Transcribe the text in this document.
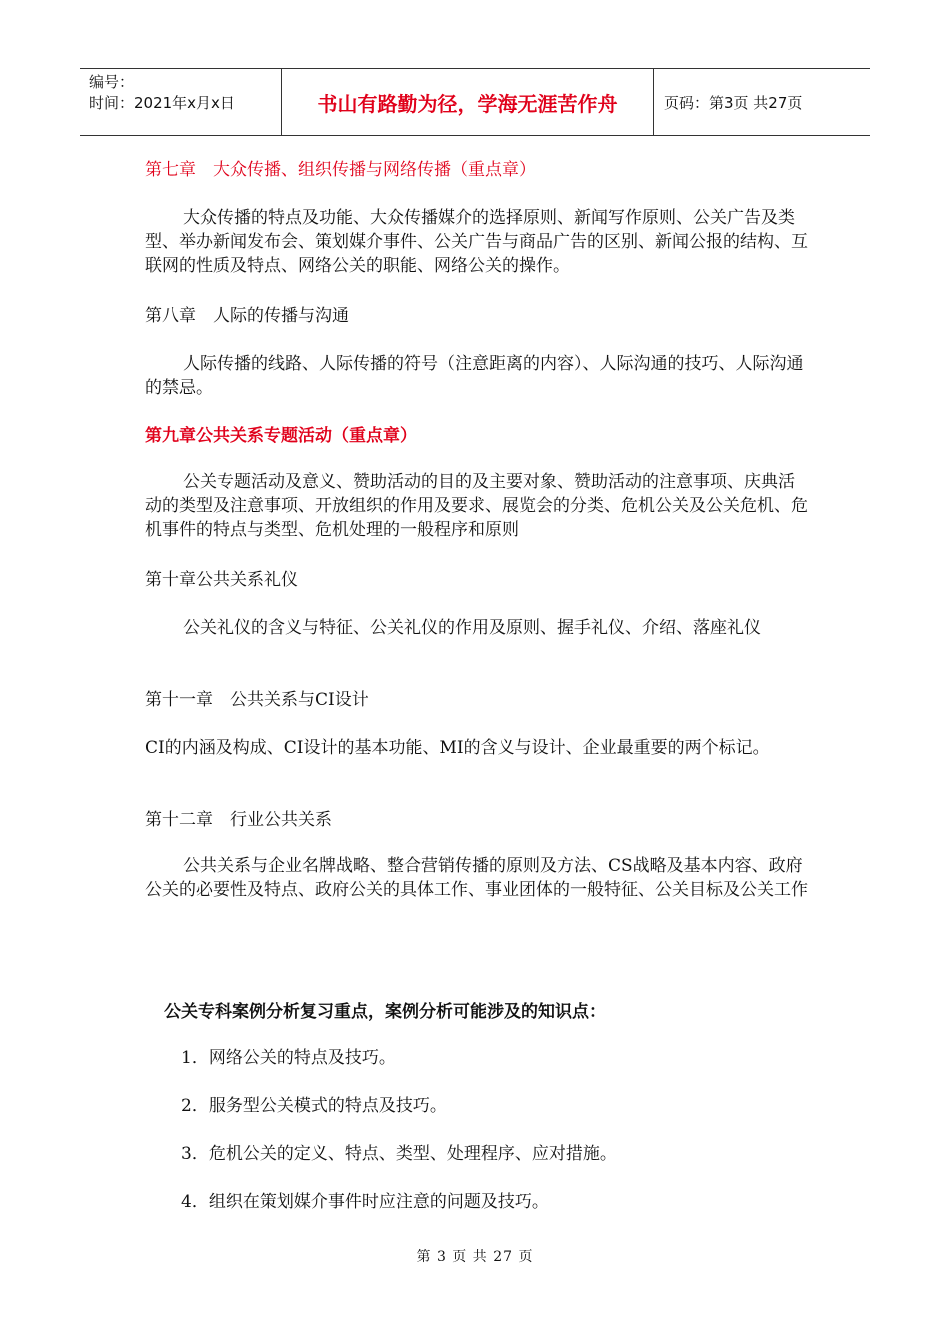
编号：
时间：2021年x月x日	书山有路勤为径，学海无涯苦作舟	页码：第3页 共27页

第七章　大众传播、组织传播与网络传播（重点章）

大众传播的特点及功能、大众传播媒介的选择原则、新闻写作原则、公关广告及类型、举办新闻发布会、策划媒介事件、公关广告与商品广告的区别、新闻公报的结构、互联网的性质及特点、网络公关的职能、网络公关的操作。

第八章　人际的传播与沟通

人际传播的线路、人际传播的符号（注意距离的内容）、人际沟通的技巧、人际沟通的禁忌。

第九章公共关系专题活动（重点章）

公关专题活动及意义、赞助活动的目的及主要对象、赞助活动的注意事项、庆典活动的类型及注意事项、开放组织的作用及要求、展览会的分类、危机公关及公关危机、危机事件的特点与类型、危机处理的一般程序和原则

第十章公共关系礼仪

公关礼仪的含义与特征、公关礼仪的作用及原则、握手礼仪、介绍、落座礼仪

第十一章　公共关系与CI设计

CI的内涵及构成、CI设计的基本功能、MI的含义与设计、企业最重要的两个标记。

第十二章　行业公共关系

公共关系与企业名牌战略、整合营销传播的原则及方法、CS战略及基本内容、政府公关的必要性及特点、政府公关的具体工作、事业团体的一般特征、公关目标及公关工作

公关专科案例分析复习重点，案例分析可能涉及的知识点：

1．网络公关的特点及技巧。

2．服务型公关模式的特点及技巧。

3．危机公关的定义、特点、类型、处理程序、应对措施。

4．组织在策划媒介事件时应注意的问题及技巧。

第 3 页 共 27 页
